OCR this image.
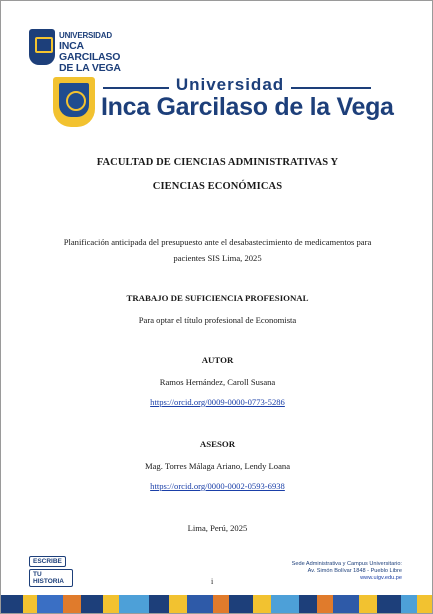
UNIVERSIDAD
INCA GARCILASO
DE LA VEGA
Universidad
Inca Garcilaso de la Vega
FACULTAD DE CIENCIAS ADMINISTRATIVAS Y
CIENCIAS ECONÓMICAS
Planificación anticipada del presupuesto ante el desabastecimiento de medicamentos para
pacientes SIS Lima, 2025
TRABAJO DE SUFICIENCIA PROFESIONAL
Para optar el título profesional de Economista
AUTOR
Ramos Hernández, Caroll Susana
https://orcid.org/0009-0000-0773-5286
ASESOR
Mag. Torres Málaga Ariano, Lendy Loana
https://orcid.org/0000-0002-0593-6938
Lima, Perú, 2025
ESCRIBE
TU HISTORIA	i
Sede Administrativa y Campus Universitario:
Av. Simón Bolívar 1848 - Pueblo Libre
www.uigv.edu.pe
